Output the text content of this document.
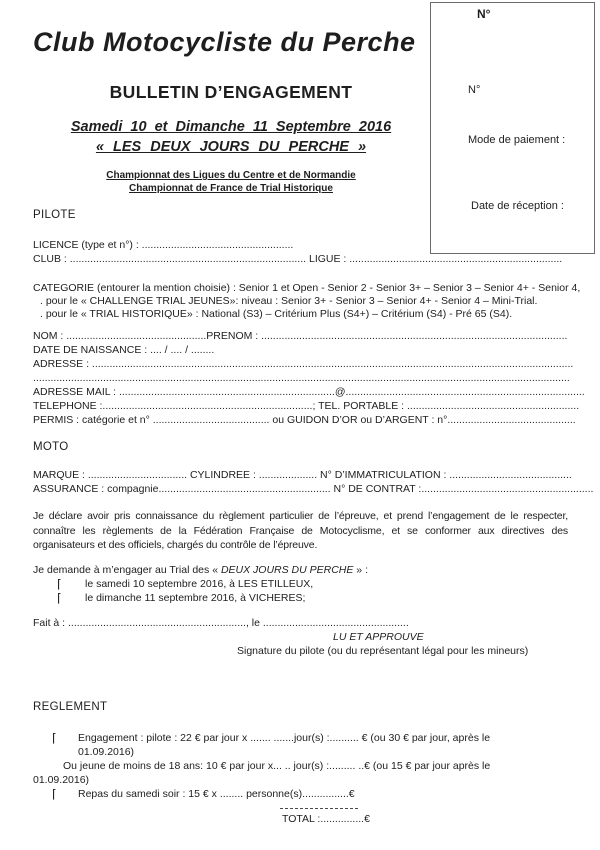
Club Motocycliste du Perche
N°
N°
Mode de paiement :
Date de réception :
BULLETIN D’ENGAGEMENT
Samedi 10 et Dimanche 11 Septembre 2016
« LES DEUX JOURS DU PERCHE »
Championnat des Ligues du Centre et de Normandie
Championnat de France de Trial Historique
PILOTE
LICENCE (type et n°) : ....................................................
CLUB : ................................................................................. LIGUE : .........................................................................
CATEGORIE (entourer la mention choisie) : Senior 1 et Open - Senior 2 - Senior 3+ – Senior 3 – Senior 4+ - Senior 4,
. pour le « CHALLENGE TRIAL JEUNES»: niveau : Senior 3+ - Senior 3 – Senior 4+ - Senior 4 – Mini-Trial.
. pour le « TRIAL HISTORIQUE» : National (S3) – Critérium Plus (S4+) – Critérium (S4) - Pré 65 (S4).
NOM : ................................................PRENOM : .........................................................................................................
DATE DE NAISSANCE : .... / .... / ........
ADRESSE : .....................................................................................................................................................................
........................................................................................................................................................................................
ADRESSE MAIL : ..........................................................................@..................................................................................
TELEPHONE :........................................................................; TEL. PORTABLE : ...........................................................
PERMIS : catégorie et n° ........................................ ou GUIDON D’OR ou D’ARGENT : n°............................................
MOTO
MARQUE : .................................. CYLINDREE : .................... N° D’IMMATRICULATION : ..........................................
ASSURANCE : compagnie........................................................... N° DE CONTRAT :...........................................................
Je déclare avoir pris connaissance du règlement particulier de l’épreuve, et prend l’engagement de le respecter,
connaître les règlements de la Fédération Française de Motocyclisme, et se conformer aux directives des
organisateurs et des officiels, chargés du contrôle de l’épreuve.
Je demande à m’engager au Trial des « DEUX JOURS DU PERCHE » :
⌈ le samedi 10 septembre 2016, à LES ETILLEUX,
⌈ le dimanche 11 septembre 2016, à VICHERES;
Fait à : ............................................................., le ..................................................
LU ET APPROUVE
Signature du pilote (ou du représentant légal pour les mineurs)
REGLEMENT
⌈ Engagement : pilote : 22 € par jour x ....... .......jour(s) :.......... € (ou 30 € par jour, après le
01.09.2016)
Ou jeune de moins de 18 ans: 10 € par jour x... .. jour(s) :......... ..€ (ou 15 € par jour après le
01.09.2016)
⌈ Repas du samedi soir : 15 € x ........ personne(s)................€
TOTAL :...............€
